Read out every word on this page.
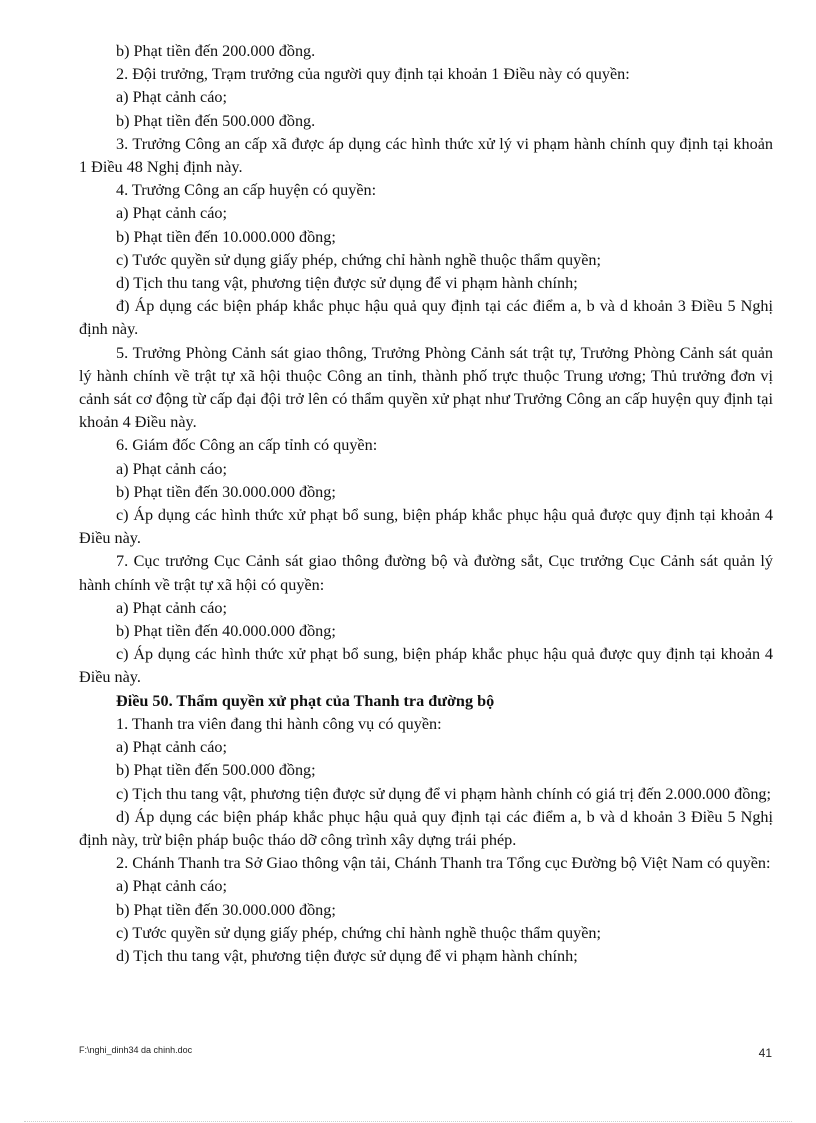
b) Phạt tiền đến 200.000 đồng.

2. Đội trưởng, Trạm trưởng của người quy định tại khoản 1 Điều này có quyền:

a) Phạt cảnh cáo;

b) Phạt tiền đến 500.000 đồng.

3. Trưởng Công an cấp xã được áp dụng các hình thức xử lý vi phạm hành chính quy định tại khoản 1 Điều 48 Nghị định này.

4. Trưởng Công an cấp huyện có quyền:

a) Phạt cảnh cáo;

b) Phạt tiền đến 10.000.000 đồng;

c) Tước quyền sử dụng giấy phép, chứng chỉ hành nghề thuộc thẩm quyền;

d) Tịch thu tang vật, phương tiện được sử dụng để vi phạm hành chính;

đ) Áp dụng các biện pháp khắc phục hậu quả quy định tại các điểm a, b và d khoản 3 Điều 5 Nghị định này.

5. Trưởng Phòng Cảnh sát giao thông, Trưởng Phòng Cảnh sát trật tự, Trưởng Phòng Cảnh sát quản lý hành chính về trật tự xã hội thuộc Công an tỉnh, thành phố trực thuộc Trung ương; Thủ trưởng đơn vị cảnh sát cơ động từ cấp đại đội trở lên có thẩm quyền xử phạt như Trưởng Công an cấp huyện quy định tại khoản 4 Điều này.

6. Giám đốc Công an cấp tỉnh có quyền:

a) Phạt cảnh cáo;

b) Phạt tiền đến 30.000.000 đồng;

c) Áp dụng các hình thức xử phạt bổ sung, biện pháp khắc phục hậu quả được quy định tại khoản 4 Điều này.

7. Cục trưởng Cục Cảnh sát giao thông đường bộ và đường sắt, Cục trưởng Cục Cảnh sát quản lý hành chính về trật tự xã hội có quyền:

a) Phạt cảnh cáo;

b) Phạt tiền đến 40.000.000 đồng;

c) Áp dụng các hình thức xử phạt bổ sung, biện pháp khắc phục hậu quả được quy định tại khoản 4 Điều này.

Điều 50. Thẩm quyền xử phạt của Thanh tra đường bộ

1. Thanh tra viên đang thi hành công vụ có quyền:

a) Phạt cảnh cáo;

b) Phạt tiền đến 500.000 đồng;

c) Tịch thu tang vật, phương tiện được sử dụng để vi phạm hành chính có giá trị đến 2.000.000 đồng;

d) Áp dụng các biện pháp khắc phục hậu quả quy định tại các điểm a, b và d khoản 3 Điều 5 Nghị định này, trừ biện pháp buộc tháo dỡ công trình xây dựng trái phép.

2. Chánh Thanh tra Sở Giao thông vận tải, Chánh Thanh tra Tổng cục Đường bộ Việt Nam có quyền:

a) Phạt cảnh cáo;

b) Phạt tiền đến 30.000.000 đồng;

c) Tước quyền sử dụng giấy phép, chứng chỉ hành nghề thuộc thẩm quyền;

d) Tịch thu tang vật, phương tiện được sử dụng để vi phạm hành chính;

F:\nghi_dinh34 da chinh.doc	41
